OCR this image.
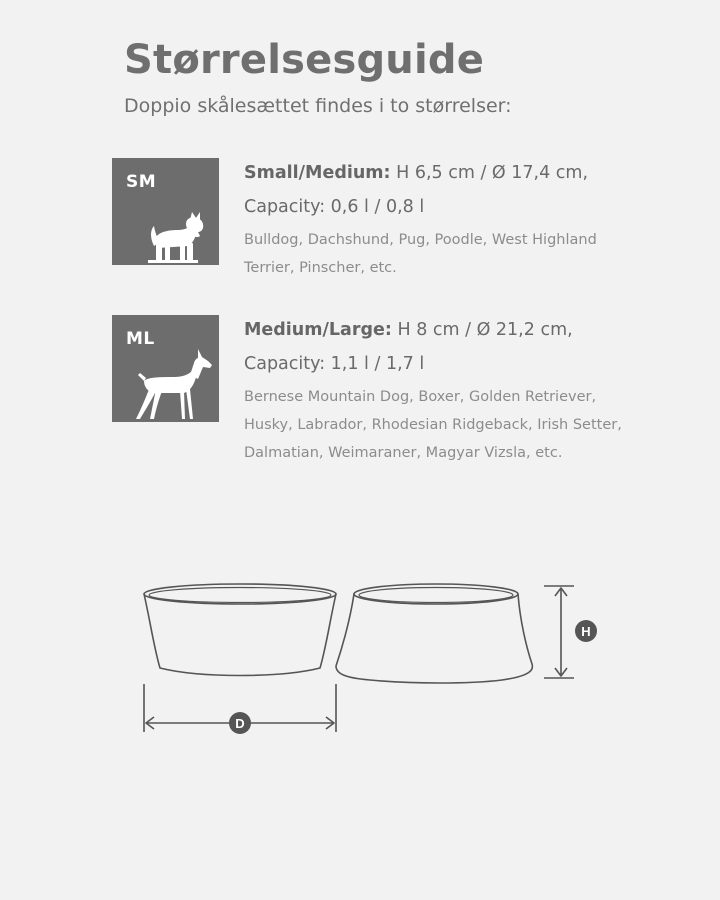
Størrelsesguide

Doppio skålesættet findes i to størrelser:

SM	Small/Medium: H 6,5 cm / Ø 17,4 cm,
Capacity: 0,6 l / 0,8 l

Bulldog, Dachshund, Pug, Poodle, West Highland Terrier, Pinscher, etc.

ML	Medium/Large: H 8 cm / Ø 21,2 cm,
Capacity: 1,1 l / 1,7 l

Bernese Mountain Dog, Boxer, Golden Retriever, Husky, Labrador, Rhodesian Ridgeback, Irish Setter, Dalmatian, Weimaraner, Magyar Vizsla, etc.

D
H
